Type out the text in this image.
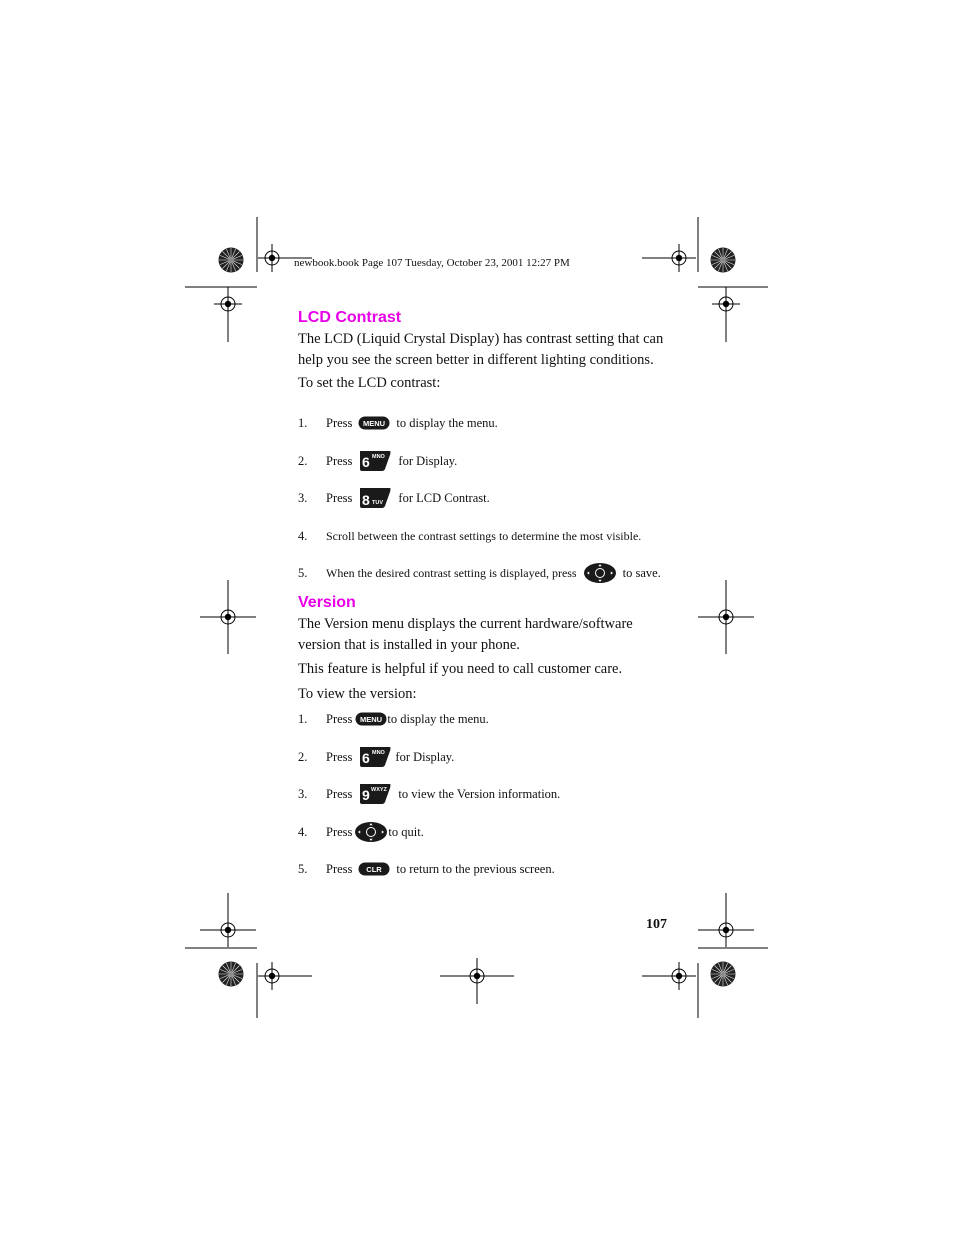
newbook.book Page 107 Tuesday, October 23, 2001 12:27 PM
LCD Contrast
The LCD (Liquid Crystal Display) has contrast setting that can help you see the screen better in different lighting conditions.
To set the LCD contrast:
1.	Press MENU to display the menu.
2.	Press 6 MNO for Display.
3.	Press 8 TUV for LCD Contrast.
4.	Scroll between the contrast settings to determine the most visible.
5.	When the desired contrast setting is displayed, press	to save.
Version
The Version menu displays the current hardware/software version that is installed in your phone.
This feature is helpful if you need to call customer care.
To view the version:
1.	Press MENU to display the menu.
2.	Press 6 MNO for Display.
3.	Press 9 WXYZ to view the Version information.
4.	Press	to quit.
5.	Press CLR to return to the previous screen.
107
